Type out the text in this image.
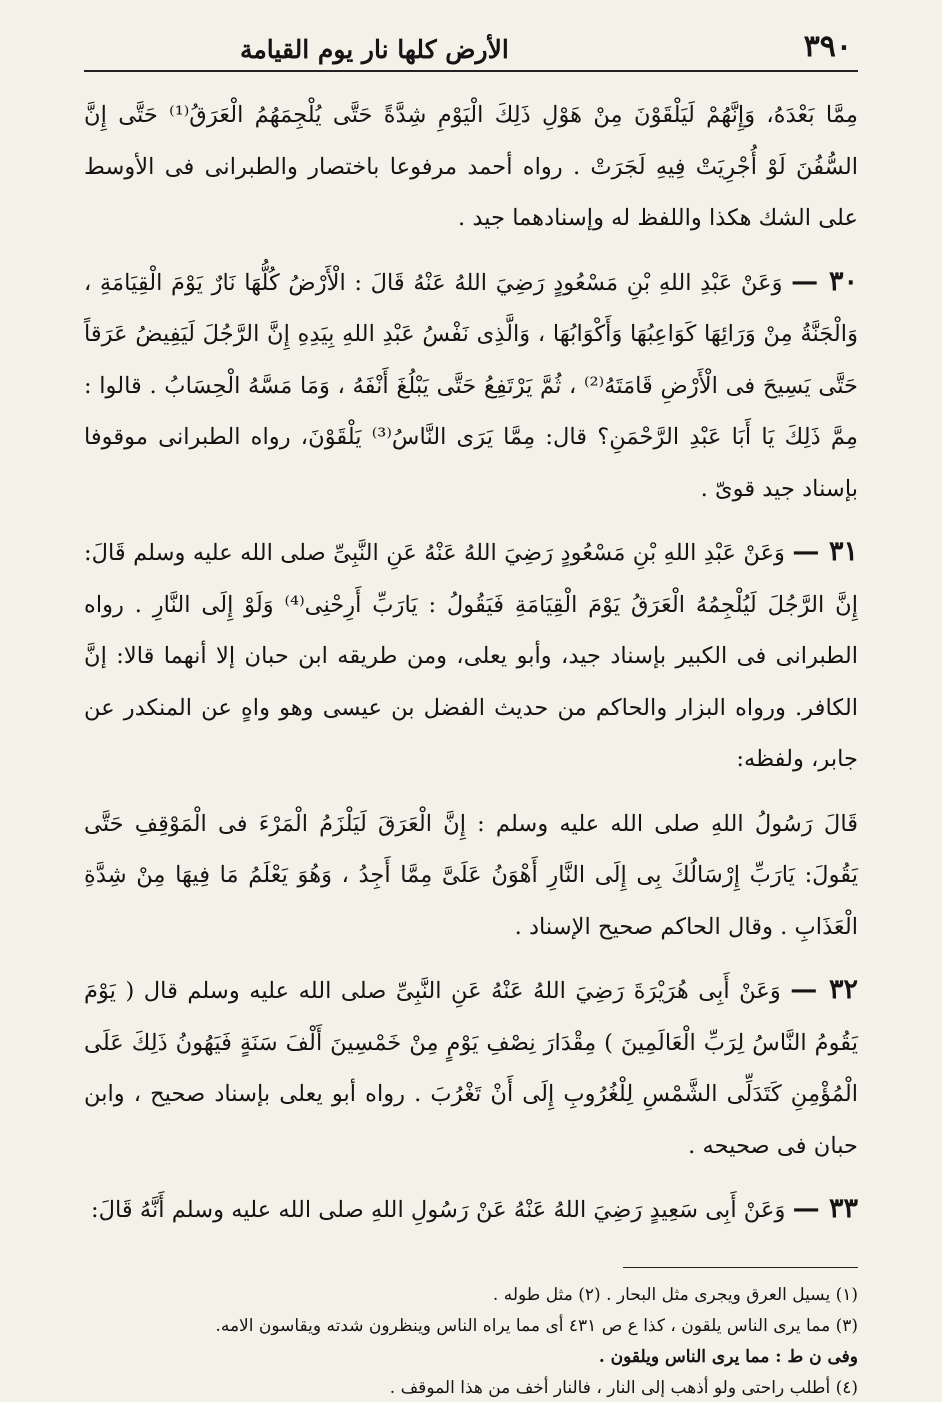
٣٩٠
الأرض كلها نار يوم القيامة

مِمَّا بَعْدَهُ، وَإِنَّهُمْ لَيَلْقَوْنَ مِنْ هَوْلِ ذَلِكَ الْيَوْمِ شِدَّةً حَتَّى يُلْجِمَهُمُ الْعَرَقُ⁽¹⁾ حَتَّى إِنَّ السُّفُنَ لَوْ أُجْرِيَتْ فِيهِ لَجَرَتْ . رواه أحمد مرفوعا باختصار والطبرانى فى الأوسط على الشك هكذا واللفظ له وإسنادهما جيد .

٣٠ — وَعَنْ عَبْدِ اللهِ بْنِ مَسْعُودٍ رَضِيَ اللهُ عَنْهُ قَالَ : الْأَرْضُ كُلُّهَا نَارٌ يَوْمَ الْقِيَامَةِ ، وَالْجَنَّةُ مِنْ وَرَائِهَا كَوَاعِبُهَا وَأَكْوَابُهَا ، وَالَّذِى نَفْسُ عَبْدِ اللهِ بِيَدِهِ إِنَّ الرَّجُلَ لَيَفِيضُ عَرَقاً حَتَّى يَسِيحَ فى الْأَرْضِ قَامَتَهُ⁽²⁾ ، ثُمَّ يَرْتَفِعُ حَتَّى يَبْلُغَ أَنْفَهُ ، وَمَا مَسَّهُ الْحِسَابُ . قالوا : مِمَّ ذَلِكَ يَا أَبَا عَبْدِ الرَّحْمَنِ؟ قال: مِمَّا يَرَى النَّاسُ⁽³⁾ يَلْقَوْنَ، رواه الطبرانى موقوفا بإسناد جيد قوىّ .

٣١ — وَعَنْ عَبْدِ اللهِ بْنِ مَسْعُودٍ رَضِيَ اللهُ عَنْهُ عَنِ النَّبِىِّ صلى الله عليه وسلم قَالَ: إِنَّ الرَّجُلَ لَيُلْجِمُهُ الْعَرَقُ يَوْمَ الْقِيَامَةِ فَيَقُولُ : يَارَبِّ أَرِحْنِى⁽⁴⁾ وَلَوْ إِلَى النَّارِ . رواه الطبرانى فى الكبير بإسناد جيد، وأبو يعلى، ومن طريقه ابن حبان إلا أنهما قالا: إنَّ الكافر. ورواه البزار والحاكم من حديث الفضل بن عيسى وهو واهٍ عن المنكدر عن جابر، ولفظه:

قَالَ رَسُولُ اللهِ صلى الله عليه وسلم : إِنَّ الْعَرَقَ لَيَلْزَمُ الْمَرْءَ فى الْمَوْقِفِ حَتَّى يَقُولَ: يَارَبِّ إِرْسَالُكَ بِى إِلَى النَّارِ أَهْوَنُ عَلَىَّ مِمَّا أَجِدُ ، وَهُوَ يَعْلَمُ مَا فِيهَا مِنْ شِدَّةِ الْعَذَابِ . وقال الحاكم صحيح الإسناد .

٣٢ — وَعَنْ أَبِى هُرَيْرَةَ رَضِيَ اللهُ عَنْهُ عَنِ النَّبِىِّ صلى الله عليه وسلم قال ( يَوْمَ يَقُومُ النَّاسُ لِرَبِّ الْعَالَمِينَ ) مِقْدَارَ نِصْفِ يَوْمٍ مِنْ خَمْسِينَ أَلْفَ سَنَةٍ فَيَهُونُ ذَلِكَ عَلَى الْمُؤْمِنِ كَتَدَلِّى الشَّمْسِ لِلْغُرُوبِ إِلَى أَنْ تَغْرُبَ . رواه أبو يعلى بإسناد صحيح ، وابن حبان فى صحيحه .

٣٣ — وَعَنْ أَبِى سَعِيدٍ رَضِيَ اللهُ عَنْهُ عَنْ رَسُولِ اللهِ صلى الله عليه وسلم أَنَّهُ قَالَ:

(١) يسيل العرق ويجرى مثل البحار . (٢) مثل طوله .

(٣) مما يرى الناس يلقون ، كذا ع ص ٤٣١ أى مما يراه الناس وينظرون شدته ويقاسون الامه.

وفى ن ط : مما يرى الناس ويلقون .

(٤) أطلب راحتى ولو أذهب إلى النار ، فالنار أخف من هذا الموقف .
